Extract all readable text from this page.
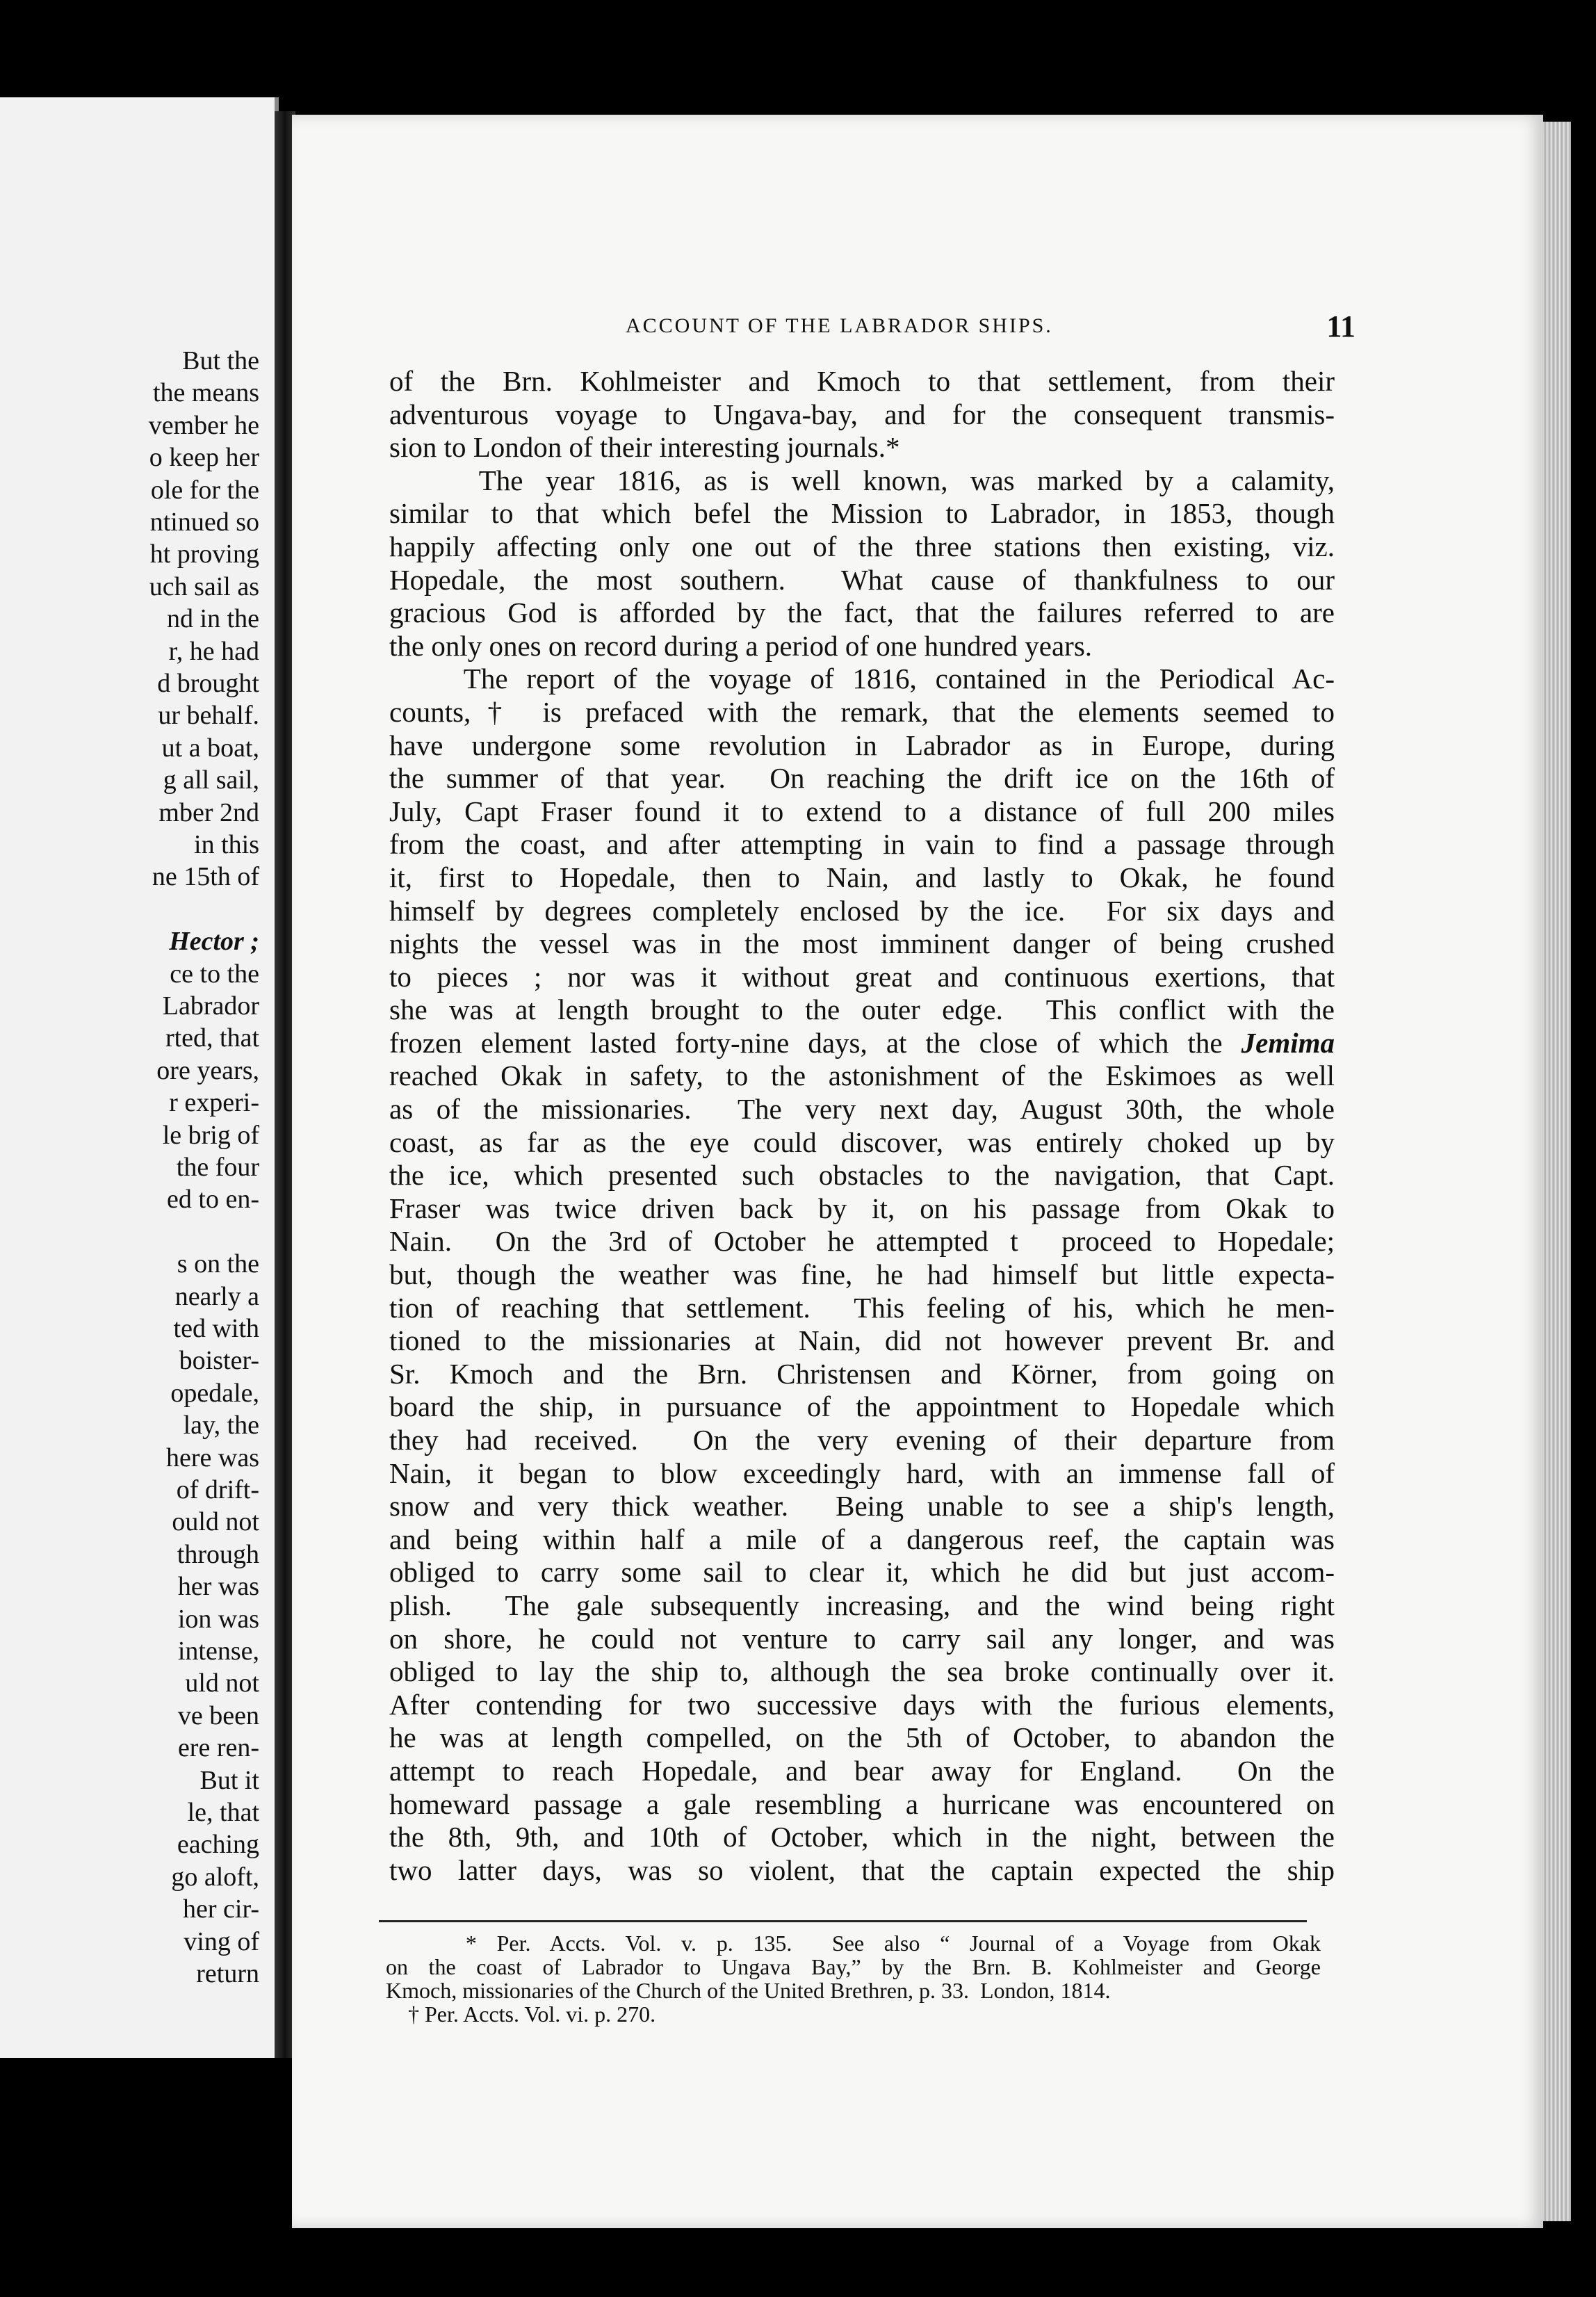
But the
the means
vember he
o keep her
ole for the
ntinued so
ht proving
uch sail as
nd in the
r, he had
d brought
ur behalf.
ut a boat,
g all sail,
mber 2nd
in this
ne 15th of
Hector ;
ce to the
Labrador
rted, that
ore years,
r experi-
le brig of
the four
ed to en-
s on the
nearly a
ted with
boister-
opedale,
lay, the
here was
of drift-
ould not
through
her was
ion was
intense,
uld not
ve been
ere ren-
But it
le, that
eaching
go aloft,
her cir-
ving of
return
ACCOUNT OF THE LABRADOR SHIPS.	11
of the Brn. Kohlmeister and Kmoch to that settlement, from their
adventurous voyage to Ungava-bay, and for the consequent transmis-
sion to London of their interesting journals.*
The year 1816, as is well known, was marked by a calamity,
similar to that which befel the Mission to Labrador, in 1853, though
happily affecting only one out of the three stations then existing, viz.
Hopedale, the most southern.  What cause of thankfulness to our
gracious God is afforded by the fact, that the failures referred to are
the only ones on record during a period of one hundred years.
The report of the voyage of 1816, contained in the Periodical Ac-
counts,† is prefaced with the remark, that the elements seemed to
have undergone some revolution in Labrador as in Europe, during
the summer of that year.  On reaching the drift ice on the 16th of
July, Capt Fraser found it to extend to a distance of full 200 miles
from the coast, and after attempting in vain to find a passage through
it, first to Hopedale, then to Nain, and lastly to Okak, he found
himself by degrees completely enclosed by the ice.  For six days and
nights the vessel was in the most imminent danger of being crushed
to pieces ; nor was it without great and continuous exertions, that
she was at length brought to the outer edge.  This conflict with the
frozen element lasted forty-nine days, at the close of which the Jemima
reached Okak in safety, to the astonishment of the Eskimoes as well
as of the missionaries.  The very next day, August 30th, the whole
coast, as far as the eye could discover, was entirely choked up by
the ice, which presented such obstacles to the navigation, that Capt.
Fraser was twice driven back by it, on his passage from Okak to
Nain.  On the 3rd of October he attempted t  proceed to Hopedale;
but, though the weather was fine, he had himself but little expecta-
tion of reaching that settlement.  This feeling of his, which he men-
tioned to the missionaries at Nain, did not however prevent Br. and
Sr. Kmoch and the Brn. Christensen and Körner, from going on
board the ship, in pursuance of the appointment to Hopedale which
they had received.  On the very evening of their departure from
Nain, it began to blow exceedingly hard, with an immense fall of
snow and very thick weather.  Being unable to see a ship's length,
and being within half a mile of a dangerous reef, the captain was
obliged to carry some sail to clear it, which he did but just accom-
plish.  The gale subsequently increasing, and the wind being right
on shore, he could not venture to carry sail any longer, and was
obliged to lay the ship to, although the sea broke continually over it.
After contending for two successive days with the furious elements,
he was at length compelled, on the 5th of October, to abandon the
attempt to reach Hopedale, and bear away for England.  On the
homeward passage a gale resembling a hurricane was encountered on
the 8th, 9th, and 10th of October, which in the night, between the
two latter days, was so violent, that the captain expected the ship
* Per. Accts. Vol. v. p. 135.  See also “ Journal of a Voyage from Okak
on the coast of Labrador to Ungava Bay,” by the Brn. B. Kohlmeister and George
Kmoch, missionaries of the Church of the United Brethren, p. 33.  London, 1814.
† Per. Accts. Vol. vi. p. 270.
